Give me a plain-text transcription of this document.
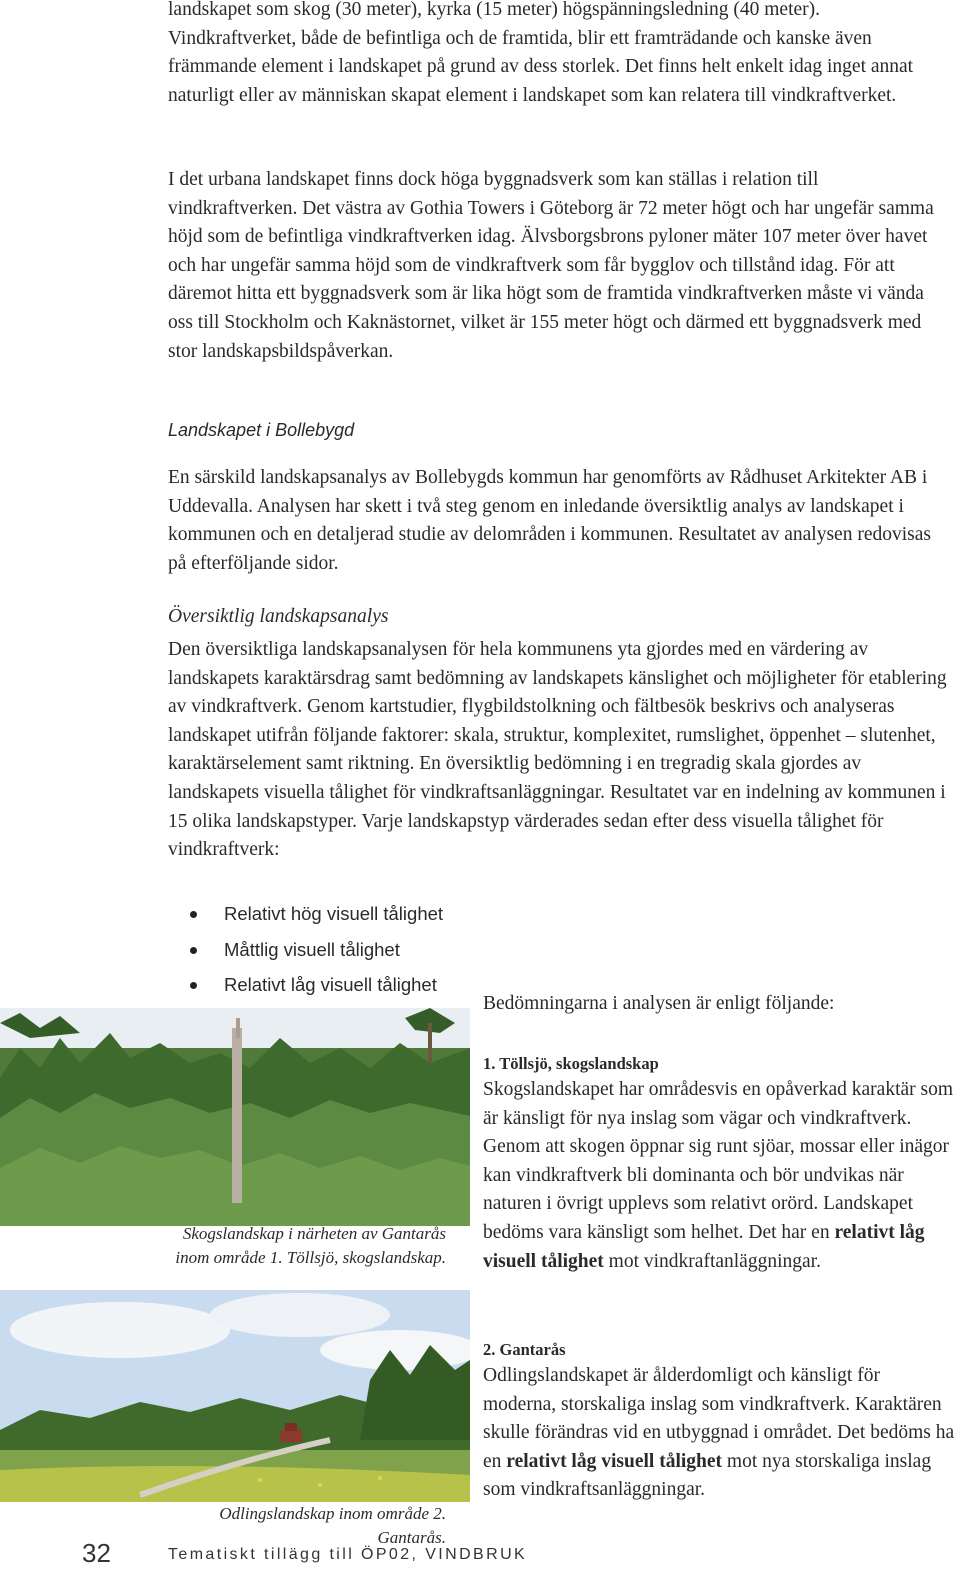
landskapet som skog (30 meter), kyrka (15 meter) högspänningsledning (40 meter). Vindkraftverket, både de befintliga och de framtida, blir ett framträdande och kanske även främmande element i landskapet på grund av dess storlek. Det finns helt enkelt idag inget annat naturligt eller av människan skapat element i landskapet som kan relatera till vindkraftverket.

I det urbana landskapet finns dock höga byggnadsverk som kan ställas i relation till vindkraftverken. Det västra av Gothia Towers i Göteborg är 72 meter högt och har ungefär samma höjd som de befintliga vindkraftverken idag. Älvsborgsbrons pyloner mäter 107 meter över havet och har ungefär samma höjd som de vindkraftverk som får bygglov och tillstånd idag. För att däremot hitta ett byggnadsverk som är lika högt som de framtida vindkraftverken måste vi vända oss till Stockholm och Kaknästornet, vilket är 155 meter högt och därmed ett byggnadsverk med stor landskapsbildspåverkan.

Landskapet i Bollebygd

En särskild landskapsanalys av Bollebygds kommun har genomförts av Rådhuset Arkitekter AB i Uddevalla. Analysen har skett i två steg genom en inledande översiktlig analys av landskapet i kommunen och en detaljerad studie av delområden i kommunen. Resultatet av analysen redovisas på efterföljande sidor.

Översiktlig landskapsanalys

Den översiktliga landskapsanalysen för hela kommunens yta gjordes med en värdering av landskapets karaktärsdrag samt bedömning av landskapets känslighet och möjligheter för etablering av vindkraftverk. Genom kartstudier, flygbildstolkning och fältbesök beskrivs och analyseras landskapet utifrån följande faktorer: skala, struktur, komplexitet, rumslighet, öppenhet – slutenhet, karaktärselement samt riktning. En översiktlig bedömning i en tregradig skala gjordes av landskapets visuella tålighet för vindkraftsanläggningar. Resultatet var en indelning av kommunen i 15 olika landskapstyper. Varje landskapstyp värderades sedan efter dess visuella tålighet för vindkraftverk:

Relativt hög visuell tålighet
Måttlig visuell tålighet
Relativt låg visuell tålighet
Skogslandskap i närheten av Gantarås inom område 1. Töllsjö, skogslandskap.
Odlingslandskap inom område 2. Gantarås.

Bedömningarna i analysen är enligt följande:

1. Töllsjö, skogslandskap

Skogslandskapet har områdesvis en opåverkad karaktär som är känsligt för nya inslag som vägar och vindkraftverk. Genom att skogen öppnar sig runt sjöar, mossar eller inägor kan vindkraftverk bli dominanta och bör undvikas när naturen i övrigt upplevs som relativt orörd. Landskapet bedöms vara känsligt som helhet. Det har en relativt låg visuell tålighet mot vindkraftanläggningar.

2. Gantarås

Odlingslandskapet är ålderdomligt och känsligt för moderna, storskaliga inslag som vindkraftverk. Karaktären skulle förändras vid en utbyggnad i området. Det bedöms ha en relativt låg visuell tålighet mot nya storskaliga inslag som vindkraftsanläggningar.

32	Tematiskt tillägg till ÖP02, VINDBRUK
